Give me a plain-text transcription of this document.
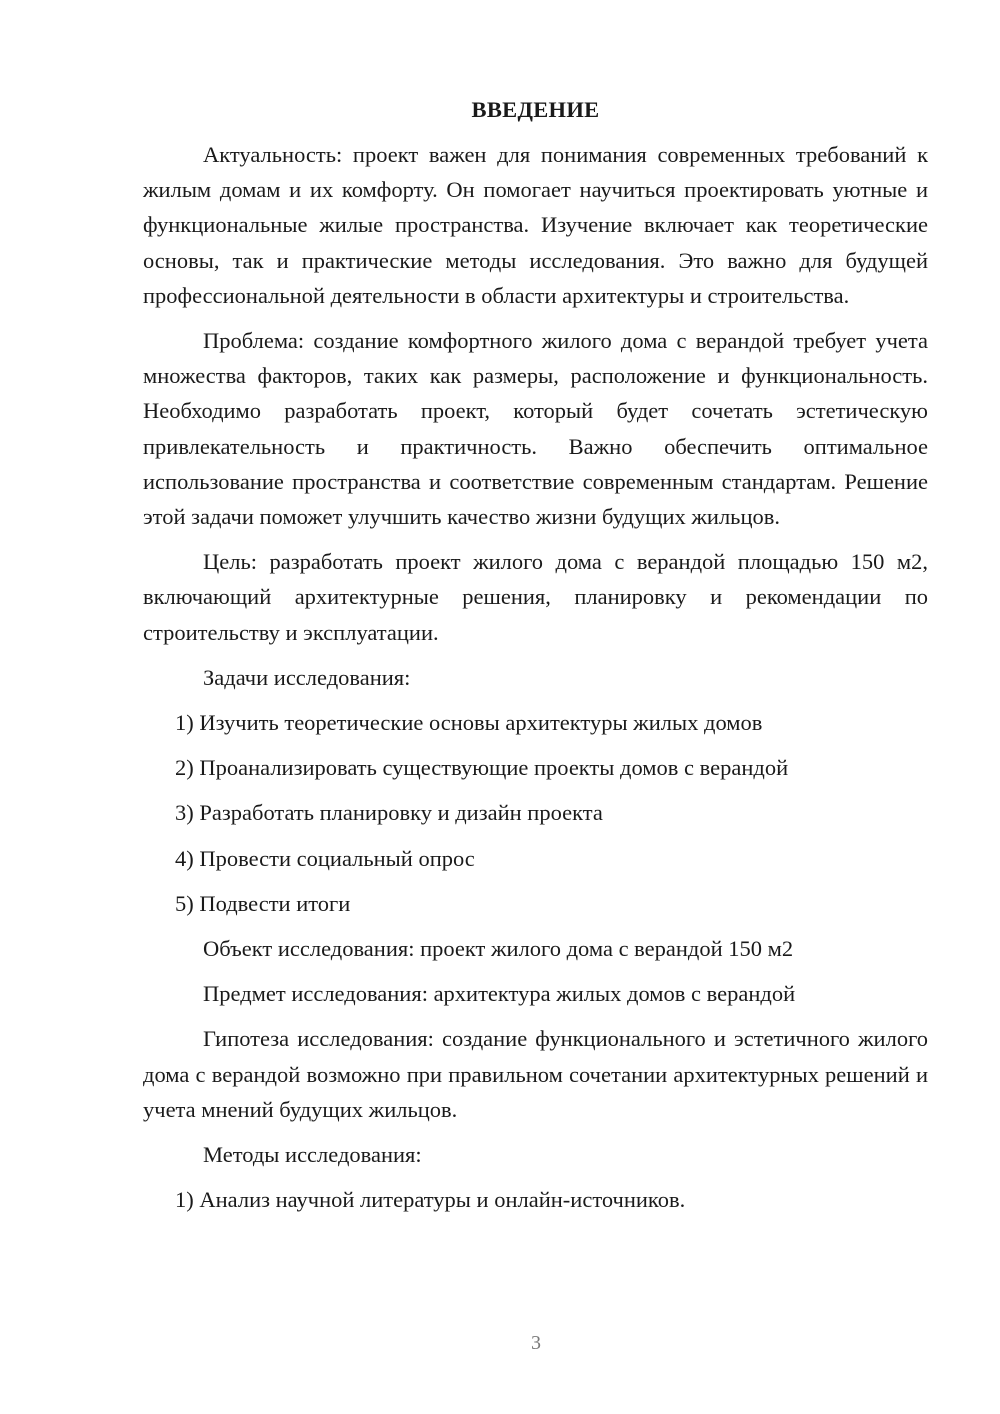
ВВЕДЕНИЕ

Актуальность: проект важен для понимания современных требований к жилым домам и их комфорту. Он помогает научиться проектировать уютные и функциональные жилые пространства. Изучение включает как теоретические основы, так и практические методы исследования. Это важно для будущей профессиональной деятельности в области архитектуры и строительства.

Проблема: создание комфортного жилого дома с верандой требует учета множества факторов, таких как размеры, расположение и функциональность. Необходимо разработать проект, который будет сочетать эстетическую привлекательность и практичность. Важно обеспечить оптимальное использование пространства и соответствие современным стандартам. Решение этой задачи поможет улучшить качество жизни будущих жильцов.

Цель: разработать проект жилого дома с верандой площадью 150 м2, включающий архитектурные решения, планировку и рекомендации по строительству и эксплуатации.

Задачи исследования:
1) Изучить теоретические основы архитектуры жилых домов
2) Проанализировать существующие проекты домов с верандой
3) Разработать планировку и дизайн проекта
4) Провести социальный опрос
5) Подвести итоги
Объект исследования: проект жилого дома с верандой 150 м2
Предмет исследования: архитектура жилых домов с верандой

Гипотеза исследования: создание функционального и эстетичного жилого дома с верандой возможно при правильном сочетании архитектурных решений и учета мнений будущих жильцов.

Методы исследования:
1) Анализ научной литературы и онлайн-источников.
3
